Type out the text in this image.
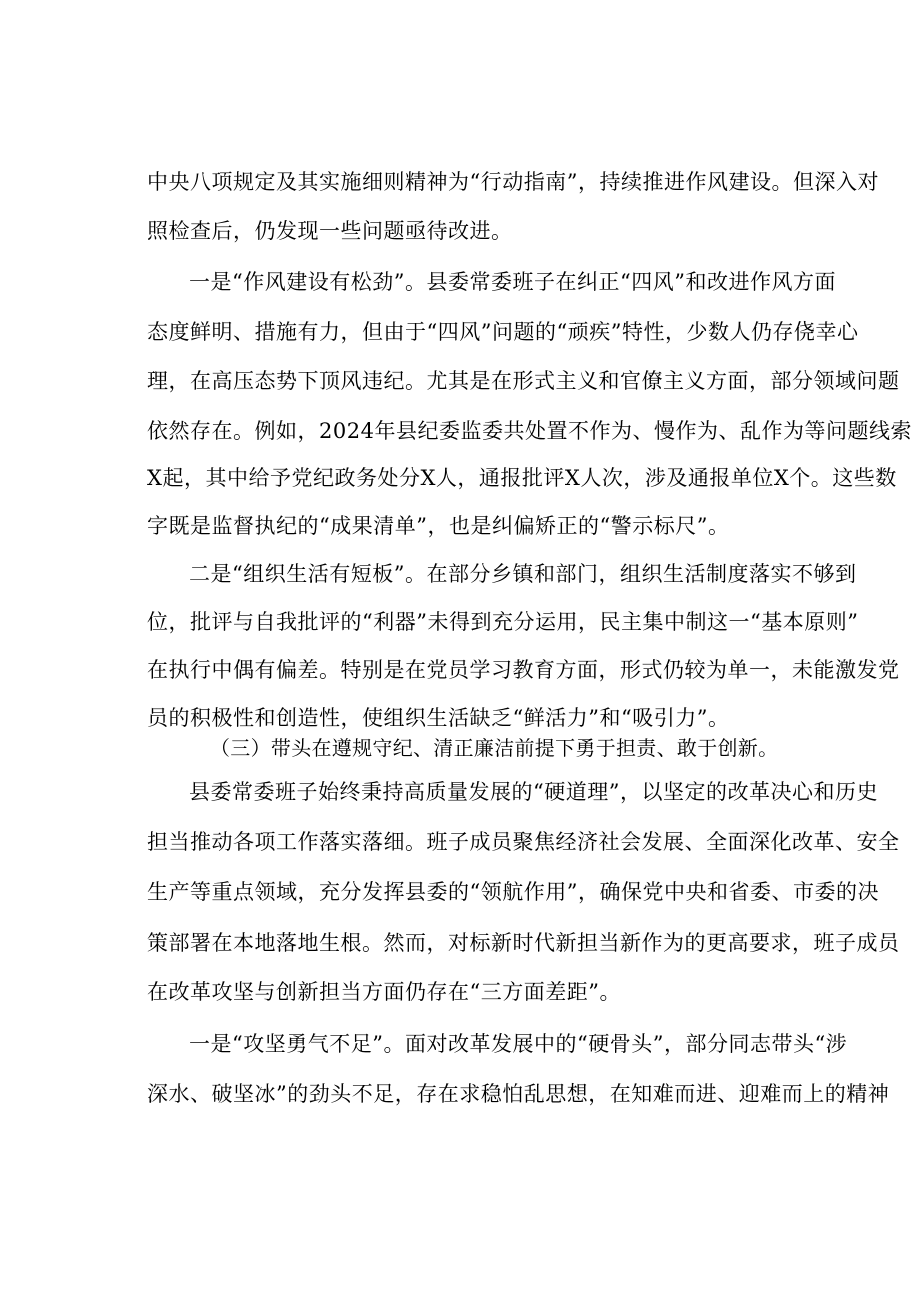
中央八项规定及其实施细则精神为“行动指南”，持续推进作风建设。但深入对
照检查后，仍发现一些问题亟待改进。
一是“作风建设有松劲”。县委常委班子在纠正“四风”和改进作风方面
态度鲜明、措施有力，但由于“四风”问题的“顽疾”特性，少数人仍存侥幸心
理，在高压态势下顶风违纪。尤其是在形式主义和官僚主义方面，部分领域问题
依然存在。例如，2024年县纪委监委共处置不作为、慢作为、乱作为等问题线索
X起，其中给予党纪政务处分X人，通报批评X人次，涉及通报单位X个。这些数
字既是监督执纪的“成果清单”，也是纠偏矫正的“警示标尺”。
二是“组织生活有短板”。在部分乡镇和部门，组织生活制度落实不够到
位，批评与自我批评的“利器”未得到充分运用，民主集中制这一“基本原则”
在执行中偶有偏差。特别是在党员学习教育方面，形式仍较为单一，未能激发党
员的积极性和创造性，使组织生活缺乏“鲜活力”和“吸引力”。
（三）带头在遵规守纪、清正廉洁前提下勇于担责、敢于创新。
县委常委班子始终秉持高质量发展的“硬道理”，以坚定的改革决心和历史
担当推动各项工作落实落细。班子成员聚焦经济社会发展、全面深化改革、安全
生产等重点领域，充分发挥县委的“领航作用”，确保党中央和省委、市委的决
策部署在本地落地生根。然而，对标新时代新担当新作为的更高要求，班子成员
在改革攻坚与创新担当方面仍存在“三方面差距”。
一是“攻坚勇气不足”。面对改革发展中的“硬骨头”，部分同志带头“涉
深水、破坚冰”的劲头不足，存在求稳怕乱思想，在知难而进、迎难而上的精神
